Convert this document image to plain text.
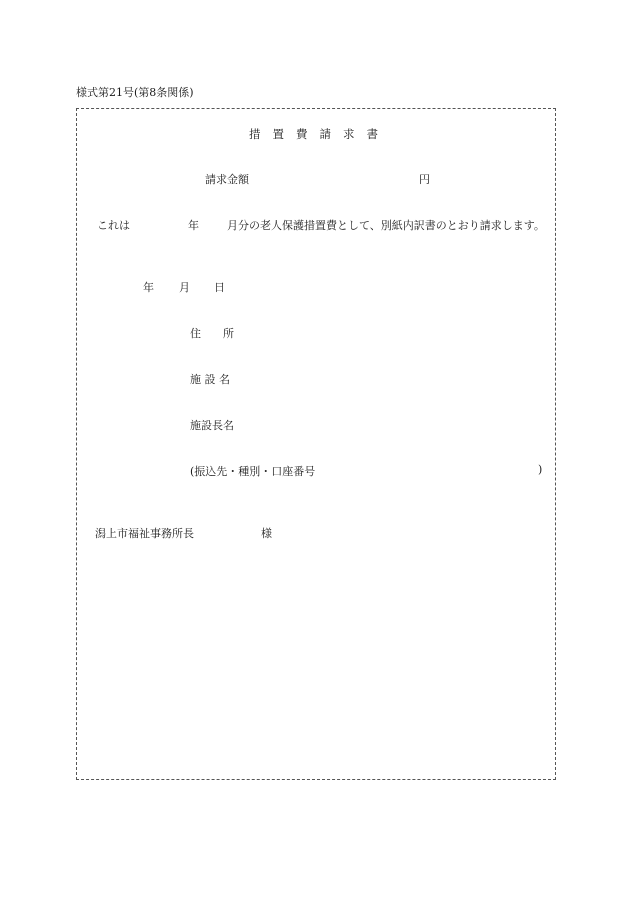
様式第21号(第8条関係)
措置費請求書
請求金額	円
これは	年	月分の老人保護措置費として、別紙内訳書のとおり請求します。
年 月 日
住　　所
施 設 名
施設長名
(振込先・種別・口座番号	)
潟上市福祉事務所長	様
